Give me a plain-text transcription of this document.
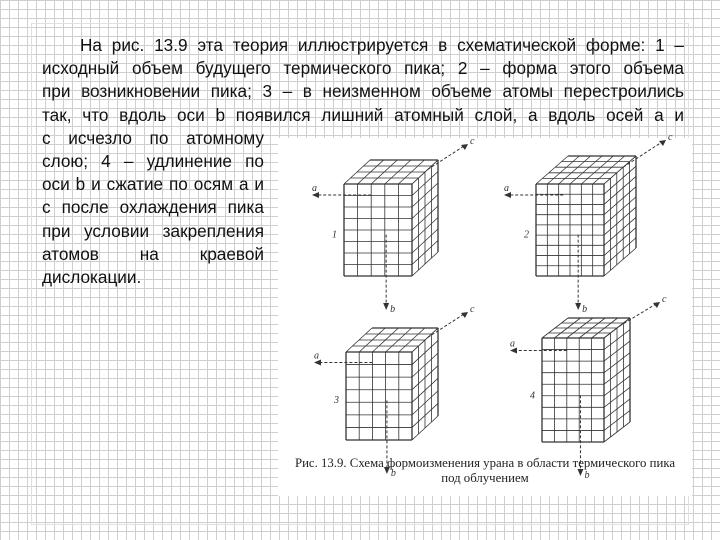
На рис. 13.9 эта теория иллюстрируется в схематической форме: 1 –
исходный объем будущего термического пика; 2 – форма этого объема
при возникновении пика; 3 – в неизменном объеме атомы перестроились
так, что вдоль оси b появился лишний атомный слой, а вдоль осей а и
с исчезло по атомному
слою; 4 – удлинение по
оси b и сжатие по осям а и
с после охлаждения пика
при условии закрепления
атомов на краевой
дислокации.
a
b
c
1
a
b
c
2
a
b
c
3
a
b
c
4
Рис. 13.9. Схема формоизменения урана в области термического пика
под облучением
